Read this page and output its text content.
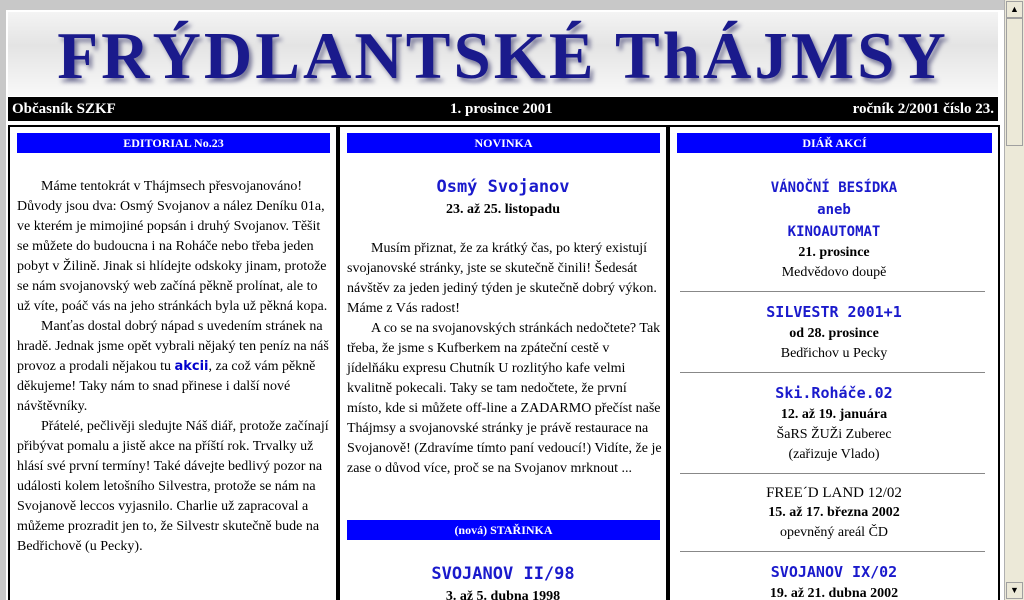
FRÝDLANTSKÉ ThÁJMSY
Občasník SZKF	1. prosince 2001	ročník 2/2001 číslo 23.
EDITORIAL No.23

Máme tentokrát v Thájmsech přesvojanováno! Důvody jsou dva: Osmý Svojanov a nález Deníku 01a, ve kterém je mimojiné popsán i druhý Svojanov. Těšit se můžete do budoucna i na Roháče nebo třeba jeden pobyt v Žilině. Jinak si hlídejte odskoky jinam, protože se nám svojanovský web začíná pěkně prolínat, ale to už víte, poáč vás na jeho stránkách byla už pěkná kopa.

Manťas dostal dobrý nápad s uvedením stránek na hradě. Jednak jsme opět vybrali nějaký ten peníz na náš provoz a prodali nějakou tu akcii, za což vám pěkně děkujeme! Taky nám to snad přinese i další nové návštěvníky.

Přátelé, pečlivěji sledujte Náš diář, protože začínají přibývat pomalu a jistě akce na příští rok. Trvalky už hlásí své první termíny! Také dávejte bedlivý pozor na události kolem letošního Silvestra, protože se nám na Svojanově leccos vyjasnilo. Charlie už zapracoval a můžeme prozradit jen to, že Silvestr skutečně bude na Bedřichově (u Pecky).

NOVINKA
Osmý Svojanov
23. až 25. listopadu

Musím přiznat, že za krátký čas, po který existují svojanovské stránky, jste se skutečně činili! Šedesát návštěv za jeden jediný týden je skutečně dobrý výkon. Máme z Vás radost!

A co se na svojanovských stránkách nedočtete? Tak třeba, že jsme s Kufberkem na zpáteční cestě v jídelňáku expresu Chutník U rozlitýho kafe velmi kvalitně pokecali. Taky se tam nedočtete, že první místo, kde si můžete off-line a ZADARMO přečíst naše Thájmsy a svojanovské stránky je právě restaurace na Svojanově! (Zdravíme tímto paní vedoucí!) Vidíte, že je zase o důvod více, proč se na Svojanov mrknout ...

(nová) STAŘINKA
SVOJANOV II/98
3. až 5. dubna 1998
DIÁŘ AKCÍ
VÁNOČNÍ BESÍDKA
aneb
KINOAUTOMAT
21. prosince
Medvědovo doupě
SILVESTR 2001+1
od 28. prosince
Bedřichov u Pecky
Ski.Roháče.02
12. až 19. januára
ŠaRS ŽUŽi Zuberec
(zařizuje Vlado)
FREE´D LAND 12/02
15. až 17. března 2002
opevněný areál ČD
SVOJANOV IX/02
19. až 21. dubna 2002
▲
▼
